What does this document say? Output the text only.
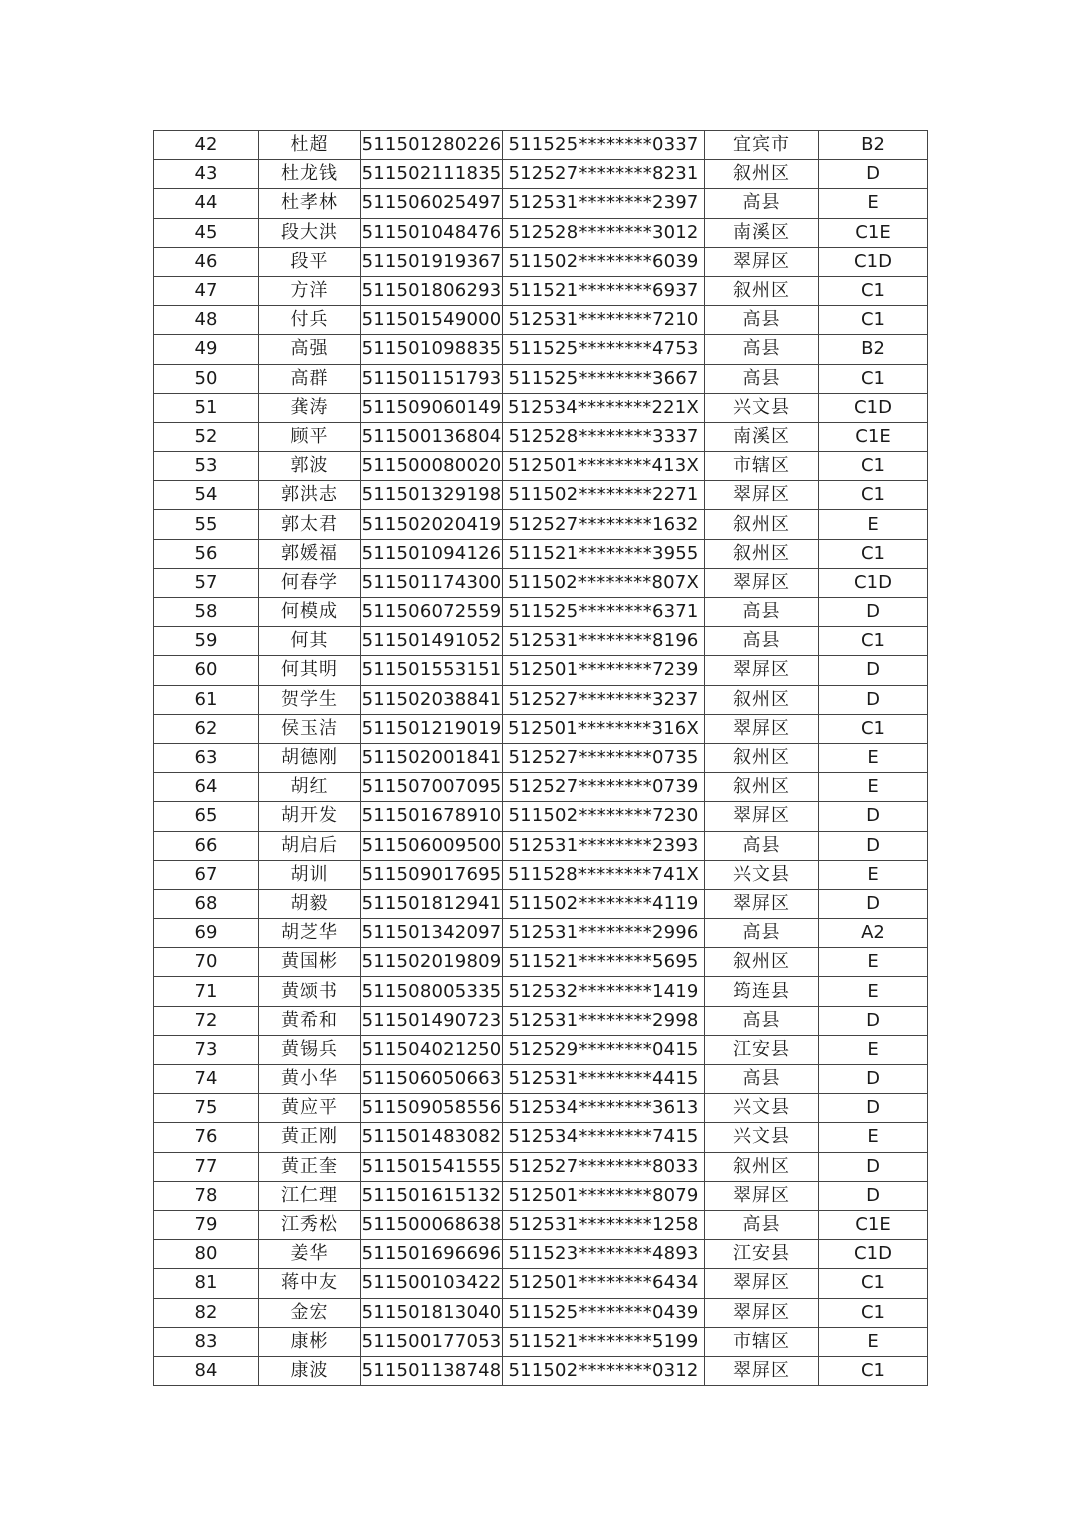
42	杜超	511501280226	511525********0337	宜宾市	B2
43	杜龙钱	511502111835	512527********8231	叙州区	D
44	杜孝林	511506025497	512531********2397	高县	E
45	段大洪	511501048476	512528********3012	南溪区	C1E
46	段平	511501919367	511502********6039	翠屏区	C1D
47	方洋	511501806293	511521********6937	叙州区	C1
48	付兵	511501549000	512531********7210	高县	C1
49	高强	511501098835	511525********4753	高县	B2
50	高群	511501151793	511525********3667	高县	C1
51	龚涛	511509060149	512534********221X	兴文县	C1D
52	顾平	511500136804	512528********3337	南溪区	C1E
53	郭波	511500080020	512501********413X	市辖区	C1
54	郭洪志	511501329198	511502********2271	翠屏区	C1
55	郭太君	511502020419	512527********1632	叙州区	E
56	郭媛福	511501094126	511521********3955	叙州区	C1
57	何春学	511501174300	511502********807X	翠屏区	C1D
58	何模成	511506072559	511525********6371	高县	D
59	何其	511501491052	512531********8196	高县	C1
60	何其明	511501553151	512501********7239	翠屏区	D
61	贺学生	511502038841	512527********3237	叙州区	D
62	侯玉洁	511501219019	512501********316X	翠屏区	C1
63	胡德刚	511502001841	512527********0735	叙州区	E
64	胡红	511507007095	512527********0739	叙州区	E
65	胡开发	511501678910	511502********7230	翠屏区	D
66	胡启后	511506009500	512531********2393	高县	D
67	胡训	511509017695	511528********741X	兴文县	E
68	胡毅	511501812941	511502********4119	翠屏区	D
69	胡芝华	511501342097	512531********2996	高县	A2
70	黄国彬	511502019809	511521********5695	叙州区	E
71	黄颂书	511508005335	512532********1419	筠连县	E
72	黄希和	511501490723	512531********2998	高县	D
73	黄锡兵	511504021250	512529********0415	江安县	E
74	黄小华	511506050663	512531********4415	高县	D
75	黄应平	511509058556	512534********3613	兴文县	D
76	黄正刚	511501483082	512534********7415	兴文县	E
77	黄正奎	511501541555	512527********8033	叙州区	D
78	江仁理	511501615132	512501********8079	翠屏区	D
79	江秀松	511500068638	512531********1258	高县	C1E
80	姜华	511501696696	511523********4893	江安县	C1D
81	蒋中友	511500103422	512501********6434	翠屏区	C1
82	金宏	511501813040	511525********0439	翠屏区	C1
83	康彬	511500177053	511521********5199	市辖区	E
84	康波	511501138748	511502********0312	翠屏区	C1
